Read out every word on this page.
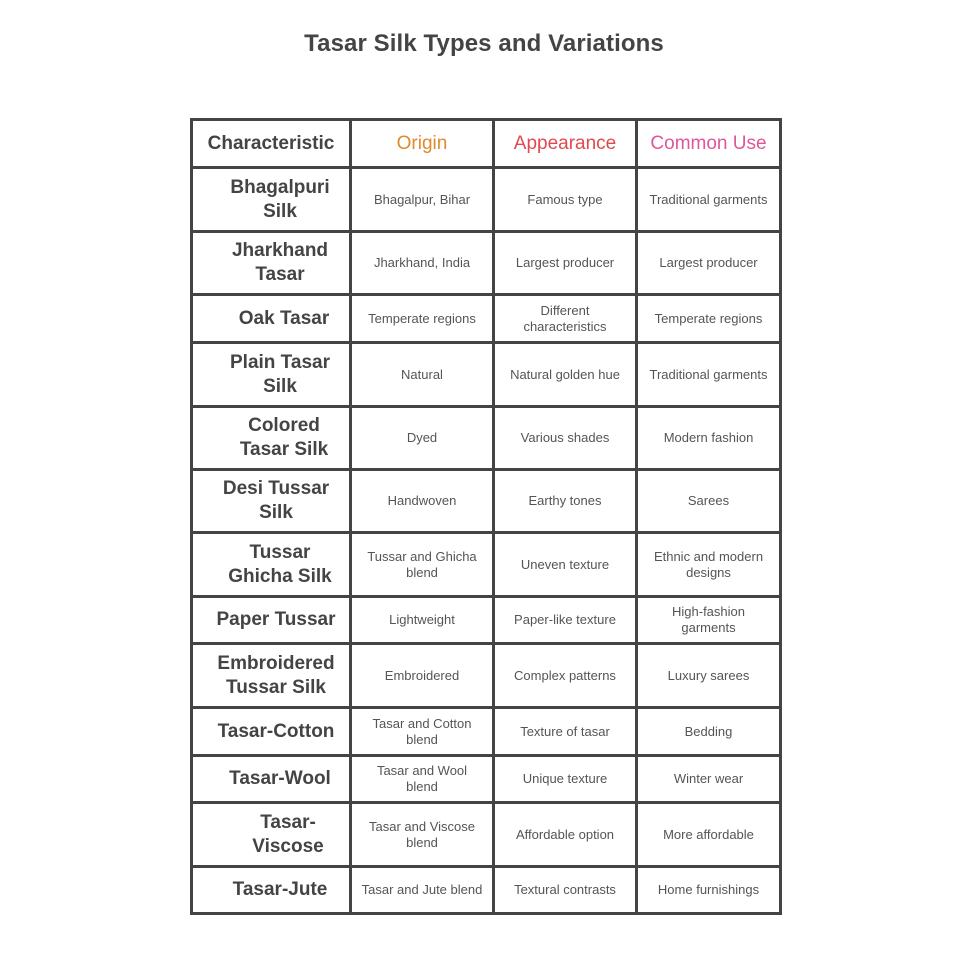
Tasar Silk Types and Variations
Characteristic	Origin	Appearance	Common Use
Bhagalpuri Silk	Bhagalpur, Bihar	Famous type	Traditional garments
Jharkhand Tasar	Jharkhand, India	Largest producer	Largest producer
Oak Tasar	Temperate regions	Different characteristics	Temperate regions
Plain Tasar Silk	Natural	Natural golden hue	Traditional garments
Colored Tasar Silk	Dyed	Various shades	Modern fashion
Desi Tussar Silk	Handwoven	Earthy tones	Sarees
Tussar Ghicha Silk	Tussar and Ghicha blend	Uneven texture	Ethnic and modern designs
Paper Tussar	Lightweight	Paper-like texture	High-fashion garments
Embroidered Tussar Silk	Embroidered	Complex patterns	Luxury sarees
Tasar-Cotton	Tasar and Cotton blend	Texture of tasar	Bedding
Tasar-Wool	Tasar and Wool blend	Unique texture	Winter wear
Tasar-Viscose	Tasar and Viscose blend	Affordable option	More affordable
Tasar-Jute	Tasar and Jute blend	Textural contrasts	Home furnishings
